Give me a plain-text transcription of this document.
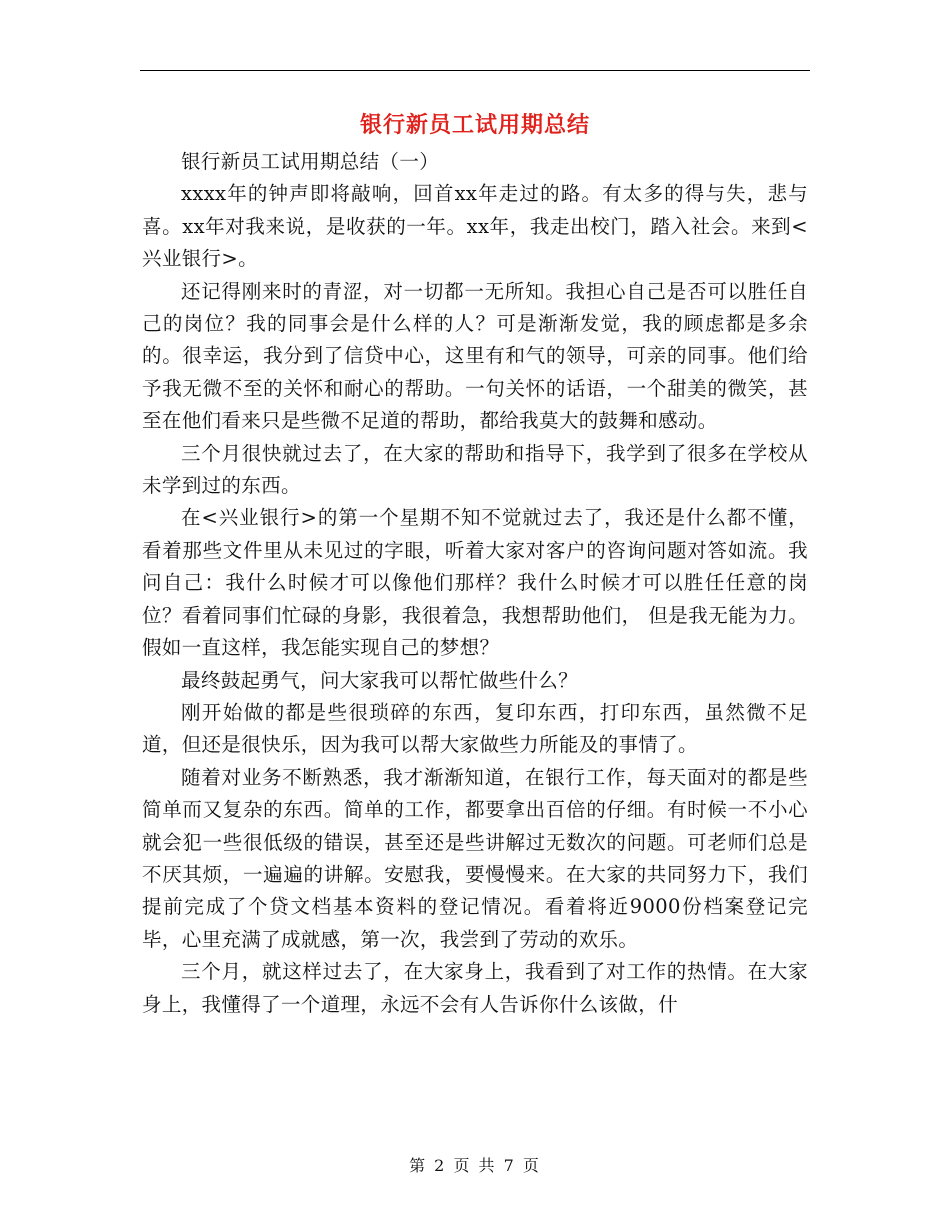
银行新员工试用期总结

银行新员工试用期总结（一）

xxxx年的钟声即将敲响，回首xx年走过的路。有太多的得与失，悲与喜。xx年对我来说，是收获的一年。xx年，我走出校门，踏入社会。来到<兴业银行>。

还记得刚来时的青涩，对一切都一无所知。我担心自己是否可以胜任自己的岗位？我的同事会是什么样的人？可是渐渐发觉，我的顾虑都是多余的。很幸运，我分到了信贷中心，这里有和气的领导，可亲的同事。他们给予我无微不至的关怀和耐心的帮助。一句关怀的话语，一个甜美的微笑，甚至在他们看来只是些微不足道的帮助，都给我莫大的鼓舞和感动。

三个月很快就过去了，在大家的帮助和指导下，我学到了很多在学校从未学到过的东西。

在<兴业银行>的第一个星期不知不觉就过去了，我还是什么都不懂，看着那些文件里从未见过的字眼，听着大家对客户的咨询问题对答如流。我问自己：我什么时候才可以像他们那样？我什么时候才可以胜任任意的岗位？看着同事们忙碌的身影，我很着急，我想帮助他们， 但是我无能为力。假如一直这样，我怎能实现自己的梦想？

最终鼓起勇气，问大家我可以帮忙做些什么？

刚开始做的都是些很琐碎的东西，复印东西，打印东西，虽然微不足道，但还是很快乐，因为我可以帮大家做些力所能及的事情了。

随着对业务不断熟悉，我才渐渐知道，在银行工作，每天面对的都是些简单而又复杂的东西。简单的工作，都要拿出百倍的仔细。有时候一不小心就会犯一些很低级的错误，甚至还是些讲解过无数次的问题。可老师们总是不厌其烦，一遍遍的讲解。安慰我，要慢慢来。在大家的共同努力下，我们提前完成了个贷文档基本资料的登记情况。看着将近9000份档案登记完毕，心里充满了成就感，第一次，我尝到了劳动的欢乐。

三个月，就这样过去了，在大家身上，我看到了对工作的热情。在大家身上，我懂得了一个道理，永远不会有人告诉你什么该做，什

第 2 页 共 7 页
